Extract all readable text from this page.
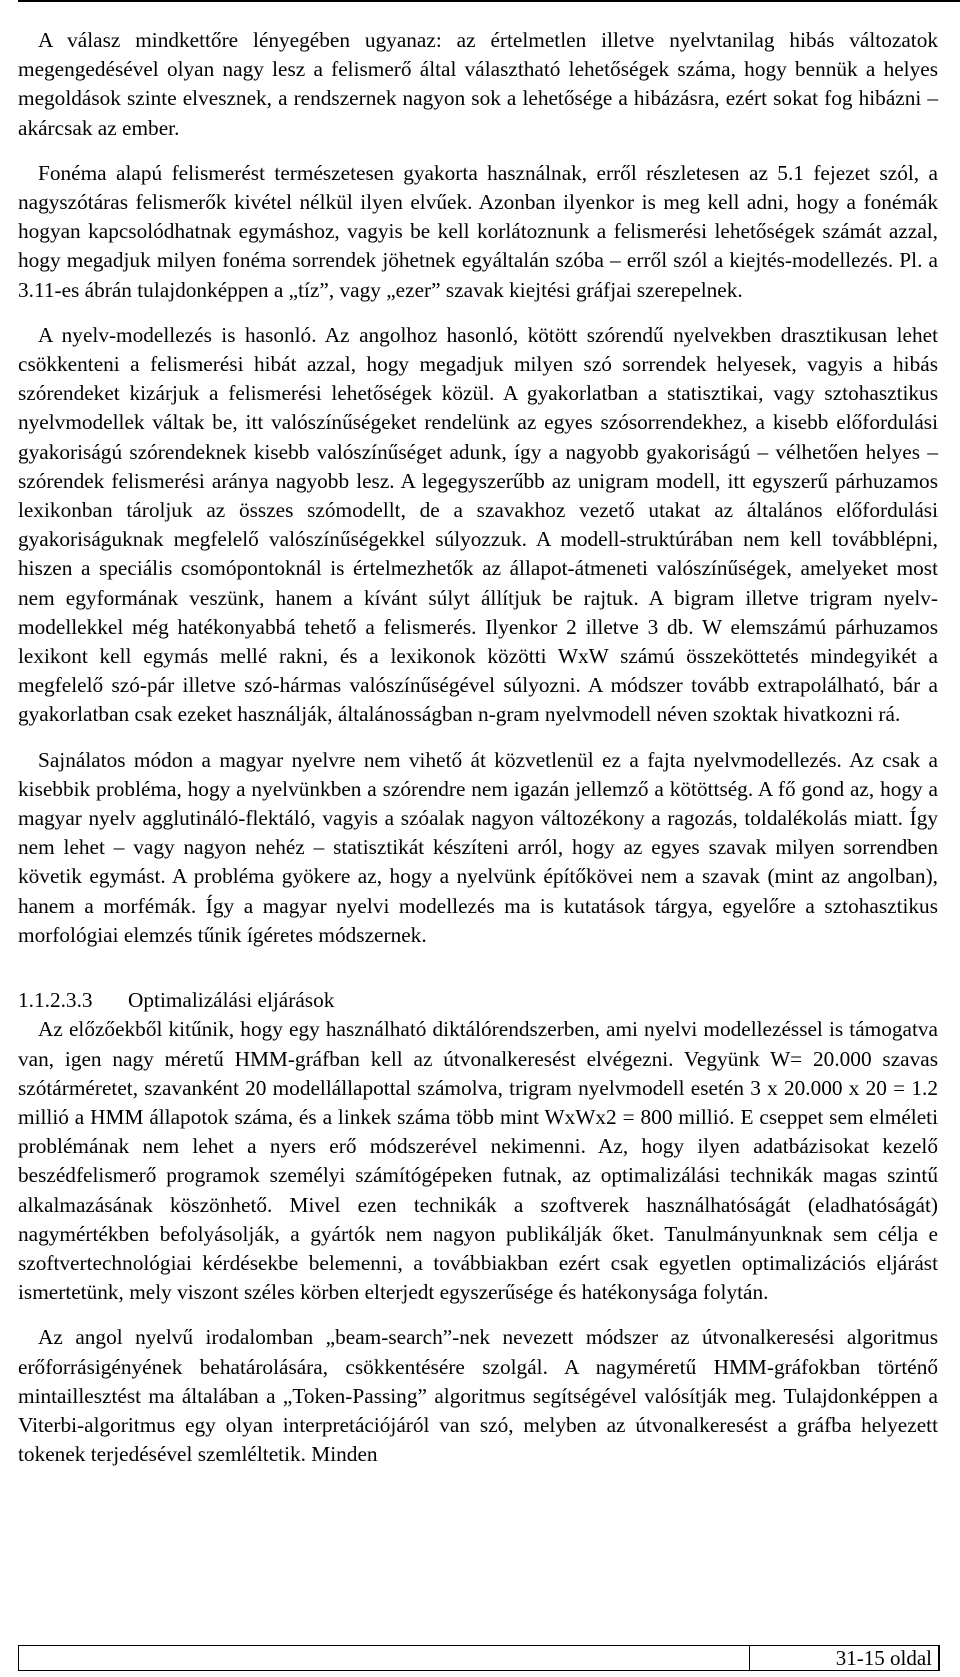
A válasz mindkettőre lényegében ugyanaz: az értelmetlen illetve nyelvtanilag hibás változatok megengedésével olyan nagy lesz a felismerő által választható lehetőségek száma, hogy bennük a helyes megoldások szinte elvesznek, a rendszernek nagyon sok a lehetősége a hibázásra, ezért sokat fog hibázni – akárcsak az ember.

Fonéma alapú felismerést természetesen gyakorta használnak, erről részletesen az 5.1 fejezet szól, a nagyszótáras felismerők kivétel nélkül ilyen elvűek. Azonban ilyenkor is meg kell adni, hogy a fonémák hogyan kapcsolódhatnak egymáshoz, vagyis be kell korlátoznunk a felismerési lehetőségek számát azzal, hogy megadjuk milyen fonéma sorrendek jöhetnek egyáltalán szóba – erről szól a kiejtés-modellezés. Pl. a 3.11-es ábrán tulajdonképpen a „tíz”, vagy „ezer” szavak kiejtési gráfjai szerepelnek.

A nyelv-modellezés is hasonló. Az angolhoz hasonló, kötött szórendű nyelvekben drasztikusan lehet csökkenteni a felismerési hibát azzal, hogy megadjuk milyen szó sorrendek helyesek, vagyis a hibás szórendeket kizárjuk a felismerési lehetőségek közül. A gyakorlatban a statisztikai, vagy sztohasztikus nyelvmodellek váltak be, itt valószínűségeket rendelünk az egyes szósorrendekhez, a kisebb előfordulási gyakoriságú szórendeknek kisebb valószínűséget adunk, így a nagyobb gyakoriságú – vélhetően helyes – szórendek felismerési aránya nagyobb lesz. A legegyszerűbb az unigram modell, itt egyszerű párhuzamos lexikonban tároljuk az összes szómodellt, de a szavakhoz vezető utakat az általános előfordulási gyakoriságuknak megfelelő valószínűségekkel súlyozzuk. A modell-struktúrában nem kell továbblépni, hiszen a speciális csomópontoknál is értelmezhetők az állapot-átmeneti valószínűségek, amelyeket most nem egyformának veszünk, hanem a kívánt súlyt állítjuk be rajtuk. A bigram illetve trigram nyelv-modellekkel még hatékonyabbá tehető a felismerés. Ilyenkor 2 illetve 3 db. W elemszámú párhuzamos lexikont kell egymás mellé rakni, és a lexikonok közötti WxW számú összeköttetés mindegyikét a megfelelő szó-pár illetve szó-hármas valószínűségével súlyozni. A módszer tovább extrapolálható, bár a gyakorlatban csak ezeket használják, általánosságban n-gram nyelvmodell néven szoktak hivatkozni rá.

Sajnálatos módon a magyar nyelvre nem vihető át közvetlenül ez a fajta nyelvmodellezés. Az csak a kisebbik probléma, hogy a nyelvünkben a szórendre nem igazán jellemző a kötöttség. A fő gond az, hogy a magyar nyelv agglutináló-flektáló, vagyis a szóalak nagyon változékony a ragozás, toldalékolás miatt. Így nem lehet – vagy nagyon nehéz – statisztikát készíteni arról, hogy az egyes szavak milyen sorrendben követik egymást. A probléma gyökere az, hogy a nyelvünk építőkövei nem a szavak (mint az angolban), hanem a morfémák. Így a magyar nyelvi modellezés ma is kutatások tárgya, egyelőre a sztohasztikus morfológiai elemzés tűnik ígéretes módszernek.

1.1.2.3.3	Optimalizálási eljárások

Az előzőekből kitűnik, hogy egy használható diktálórendszerben, ami nyelvi modellezéssel is támogatva van, igen nagy méretű HMM-gráfban kell az útvonalkeresést elvégezni. Vegyünk W= 20.000 szavas szótárméretet, szavanként 20 modellállapottal számolva, trigram nyelvmodell esetén 3 x 20.000 x 20 = 1.2 millió a HMM állapotok száma, és a linkek száma több mint WxWx2 = 800 millió. E cseppet sem elméleti problémának nem lehet a nyers erő módszerével nekimenni. Az, hogy ilyen adatbázisokat kezelő beszédfelismerő programok személyi számítógépeken futnak, az optimalizálási technikák magas szintű alkalmazásának köszönhető. Mivel ezen technikák a szoftverek használhatóságát (eladhatóságát) nagymértékben befolyásolják, a gyártók nem nagyon publikálják őket. Tanulmányunknak sem célja e szoftvertechnológiai kérdésekbe belemenni, a továbbiakban ezért csak egyetlen optimalizációs eljárást ismertetünk, mely viszont széles körben elterjedt egyszerűsége és hatékonysága folytán.

Az angol nyelvű irodalomban „beam-search”-nek nevezett módszer az útvonalkeresési algoritmus erőforrásigényének behatárolására, csökkentésére szolgál. A nagyméretű HMM-gráfokban történő mintaillesztést ma általában a „Token-Passing” algoritmus segítségével valósítják meg. Tulajdonképpen a Viterbi-algoritmus egy olyan interpretációjáról van szó, melyben az útvonalkeresést a gráfba helyezett tokenek terjedésével szemléltetik. Minden

31-15 oldal
